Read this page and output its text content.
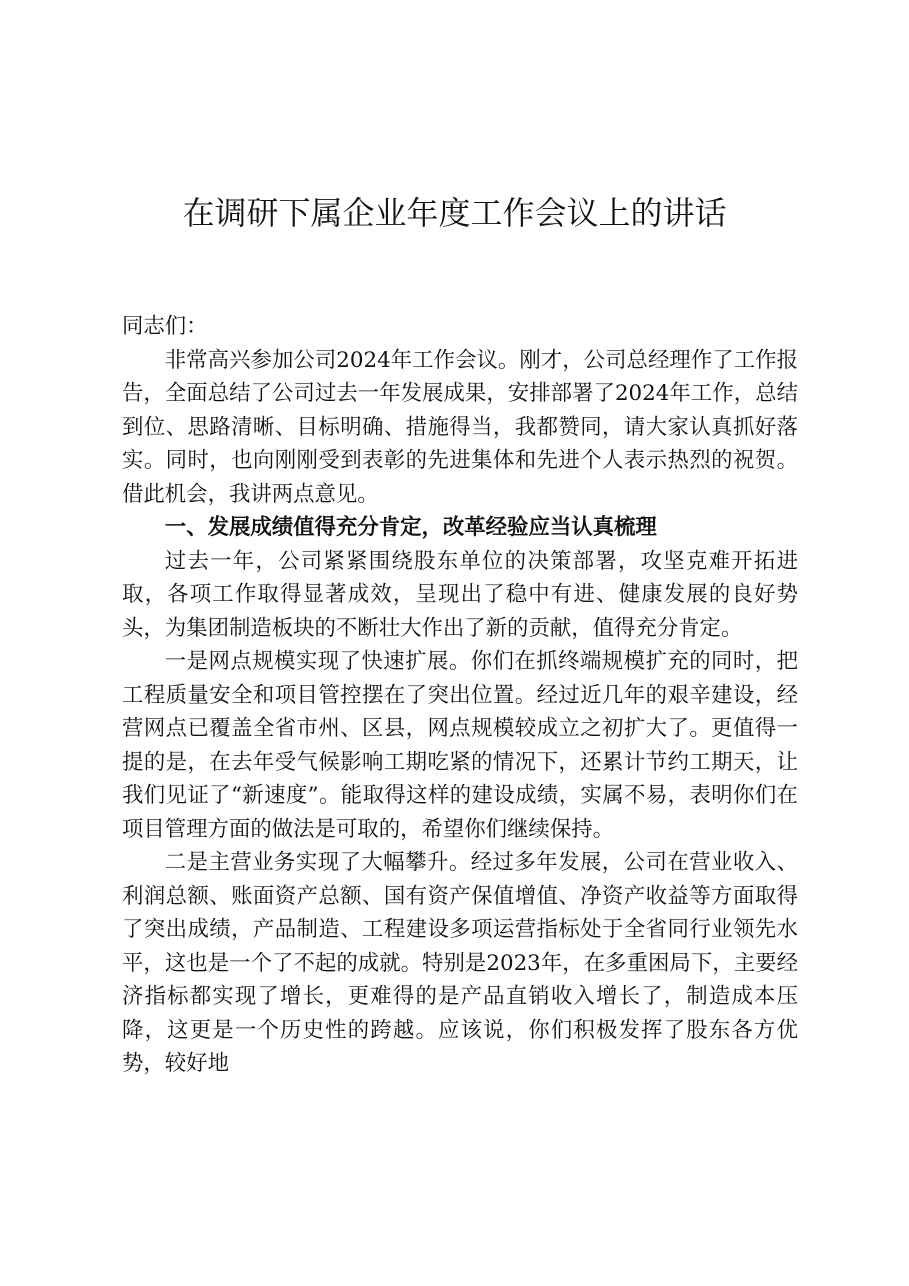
在调研下属企业年度工作会议上的讲话

同志们：

非常高兴参加公司2024年工作会议。刚才，公司总经理作了工作报告，全面总结了公司过去一年发展成果，安排部署了2024年工作，总结到位、思路清晰、目标明确、措施得当，我都赞同，请大家认真抓好落实。同时，也向刚刚受到表彰的先进集体和先进个人表示热烈的祝贺。借此机会，我讲两点意见。

一、发展成绩值得充分肯定，改革经验应当认真梳理

过去一年，公司紧紧围绕股东单位的决策部署，攻坚克难开拓进取，各项工作取得显著成效，呈现出了稳中有进、健康发展的良好势头，为集团制造板块的不断壮大作出了新的贡献，值得充分肯定。

一是网点规模实现了快速扩展。你们在抓终端规模扩充的同时，把工程质量安全和项目管控摆在了突出位置。经过近几年的艰辛建设，经营网点已覆盖全省市州、区县，网点规模较成立之初扩大了。更值得一提的是，在去年受气候影响工期吃紧的情况下，还累计节约工期天，让我们见证了“新速度”。能取得这样的建设成绩，实属不易，表明你们在项目管理方面的做法是可取的，希望你们继续保持。

二是主营业务实现了大幅攀升。经过多年发展，公司在营业收入、利润总额、账面资产总额、国有资产保值增值、净资产收益等方面取得了突出成绩，产品制造、工程建设多项运营指标处于全省同行业领先水平，这也是一个了不起的成就。特别是2023年，在多重困局下，主要经济指标都实现了增长，更难得的是产品直销收入增长了，制造成本压降，这更是一个历史性的跨越。应该说，你们积极发挥了股东各方优势，较好地
